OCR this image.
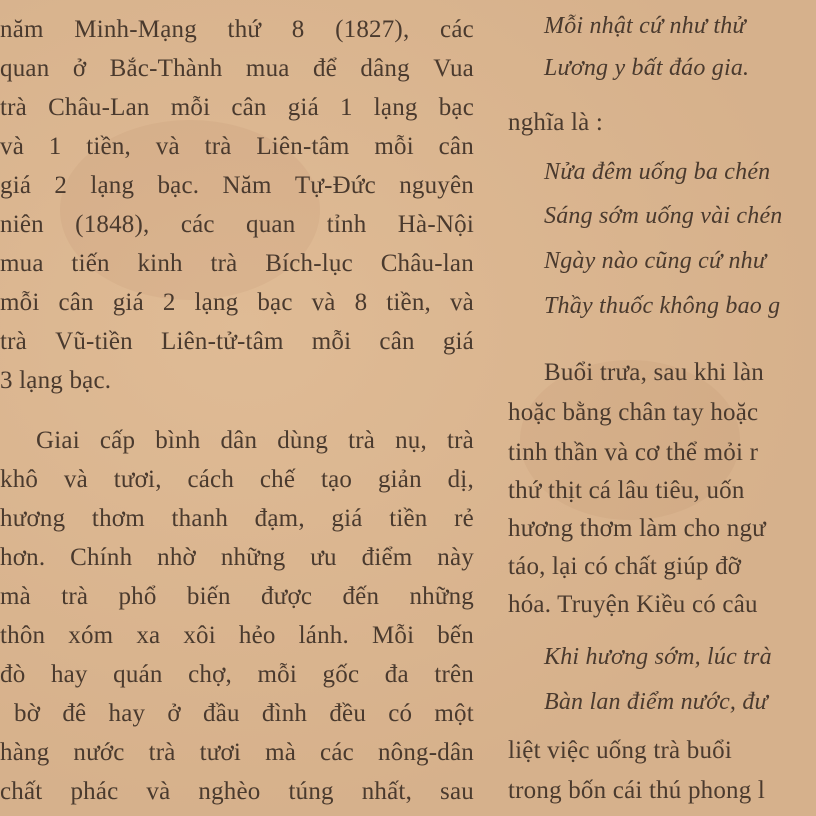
năm Minh-Mạng thứ 8 (1827), các
quan ở Bắc-Thành mua để dâng Vua
trà Châu-Lan mỗi cân giá 1 lạng bạc
và 1 tiền, và trà Liên-tâm mỗi cân
giá 2 lạng bạc. Năm Tự-Đức nguyên
niên (1848), các quan tỉnh Hà-Nội
mua tiến kinh trà Bích-lục Châu-lan
mỗi cân giá 2 lạng bạc và 8 tiền, và
trà Vũ-tiền Liên-tử-tâm mỗi cân giá
3 lạng bạc.
Giai cấp bình dân dùng trà nụ, trà
khô và tươi, cách chế tạo giản dị,
hương thơm thanh đạm, giá tiền rẻ
hơn. Chính nhờ những ưu điểm này
mà trà phổ biến được đến những
thôn xóm xa xôi hẻo lánh. Mỗi bến
đò hay quán chợ, mỗi gốc đa trên
bờ đê hay ở đầu đình đều có một
hàng nước trà tươi mà các nông-dân
chất phác và nghèo túng nhất, sau
Mỗi nhật cứ như thử
Lương y bất đáo gia.
nghĩa là :
Nửa đêm uống ba chén
Sáng sớm uống vài chén
Ngày nào cũng cứ như
Thầy thuốc không bao g
Buổi trưa, sau khi làn
hoặc bằng chân tay hoặc
tinh thần và cơ thể mỏi r
thứ thịt cá lâu tiêu, uốn
hương thơm làm cho ngư
táo, lại có chất giúp đỡ
hóa. Truyện Kiều có câu
Khi hương sớm, lúc trà
Bàn lan điểm nước, đư
liệt việc uống trà buổi
trong bốn cái thú phong l
